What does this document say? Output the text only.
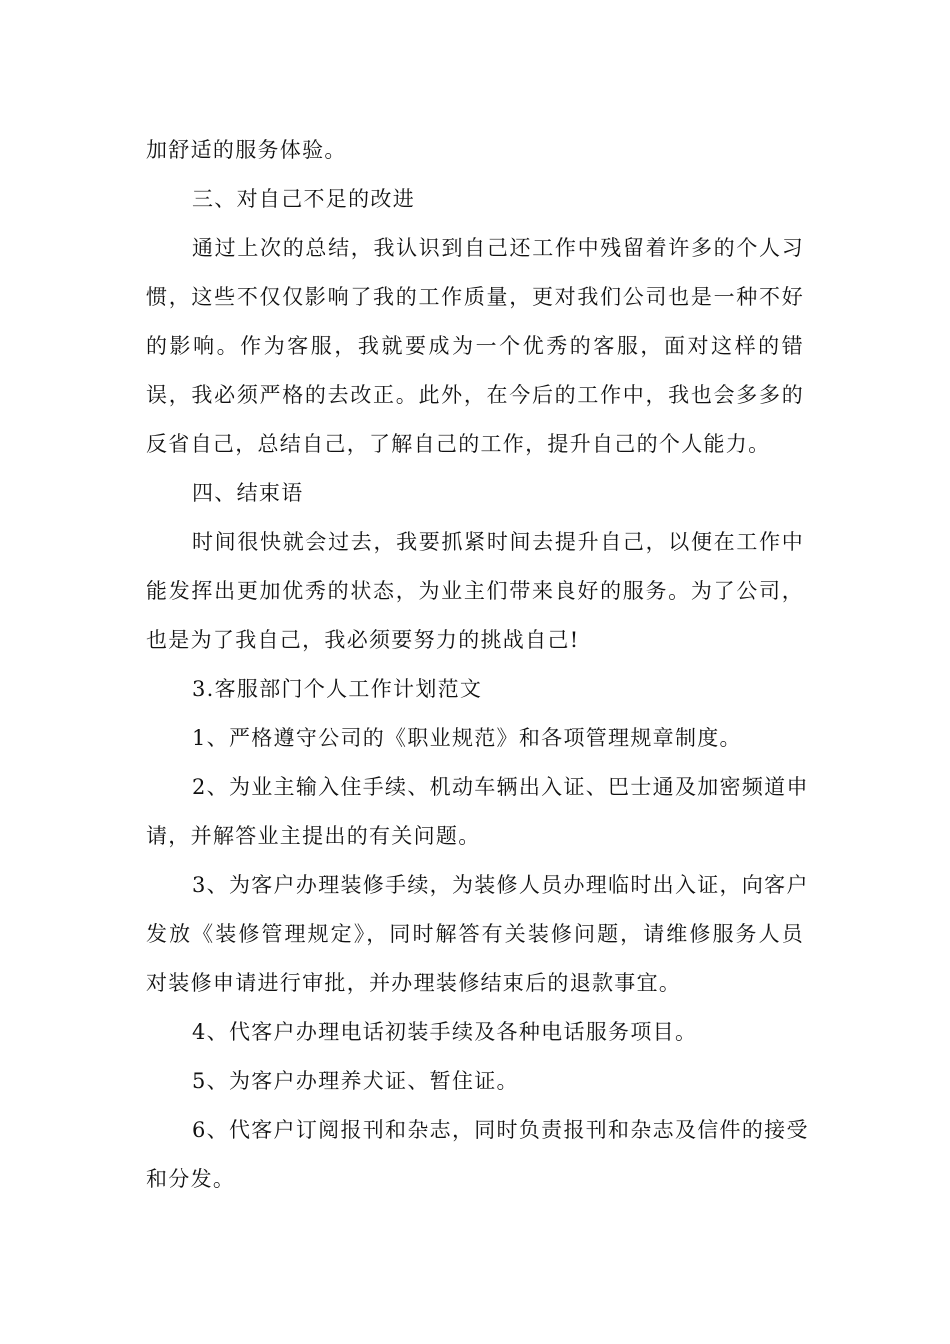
加舒适的服务体验。

三、对自己不足的改进

通过上次的总结，我认识到自己还工作中残留着许多的个人习
惯，这些不仅仅影响了我的工作质量，更对我们公司也是一种不好
的影响。作为客服，我就要成为一个优秀的客服，面对这样的错
误，我必须严格的去改正。此外，在今后的工作中，我也会多多的
反省自己，总结自己，了解自己的工作，提升自己的个人能力。

四、结束语

时间很快就会过去，我要抓紧时间去提升自己，以便在工作中
能发挥出更加优秀的状态，为业主们带来良好的服务。为了公司，
也是为了我自己，我必须要努力的挑战自己!

3.客服部门个人工作计划范文

1、严格遵守公司的《职业规范》和各项管理规章制度。

2、为业主输入住手续、机动车辆出入证、巴士通及加密频道申
请，并解答业主提出的有关问题。

3、为客户办理装修手续，为装修人员办理临时出入证，向客户
发放《装修管理规定》，同时解答有关装修问题，请维修服务人员
对装修申请进行审批，并办理装修结束后的退款事宜。

4、代客户办理电话初装手续及各种电话服务项目。

5、为客户办理养犬证、暂住证。

6、代客户订阅报刊和杂志，同时负责报刊和杂志及信件的接受
和分发。
